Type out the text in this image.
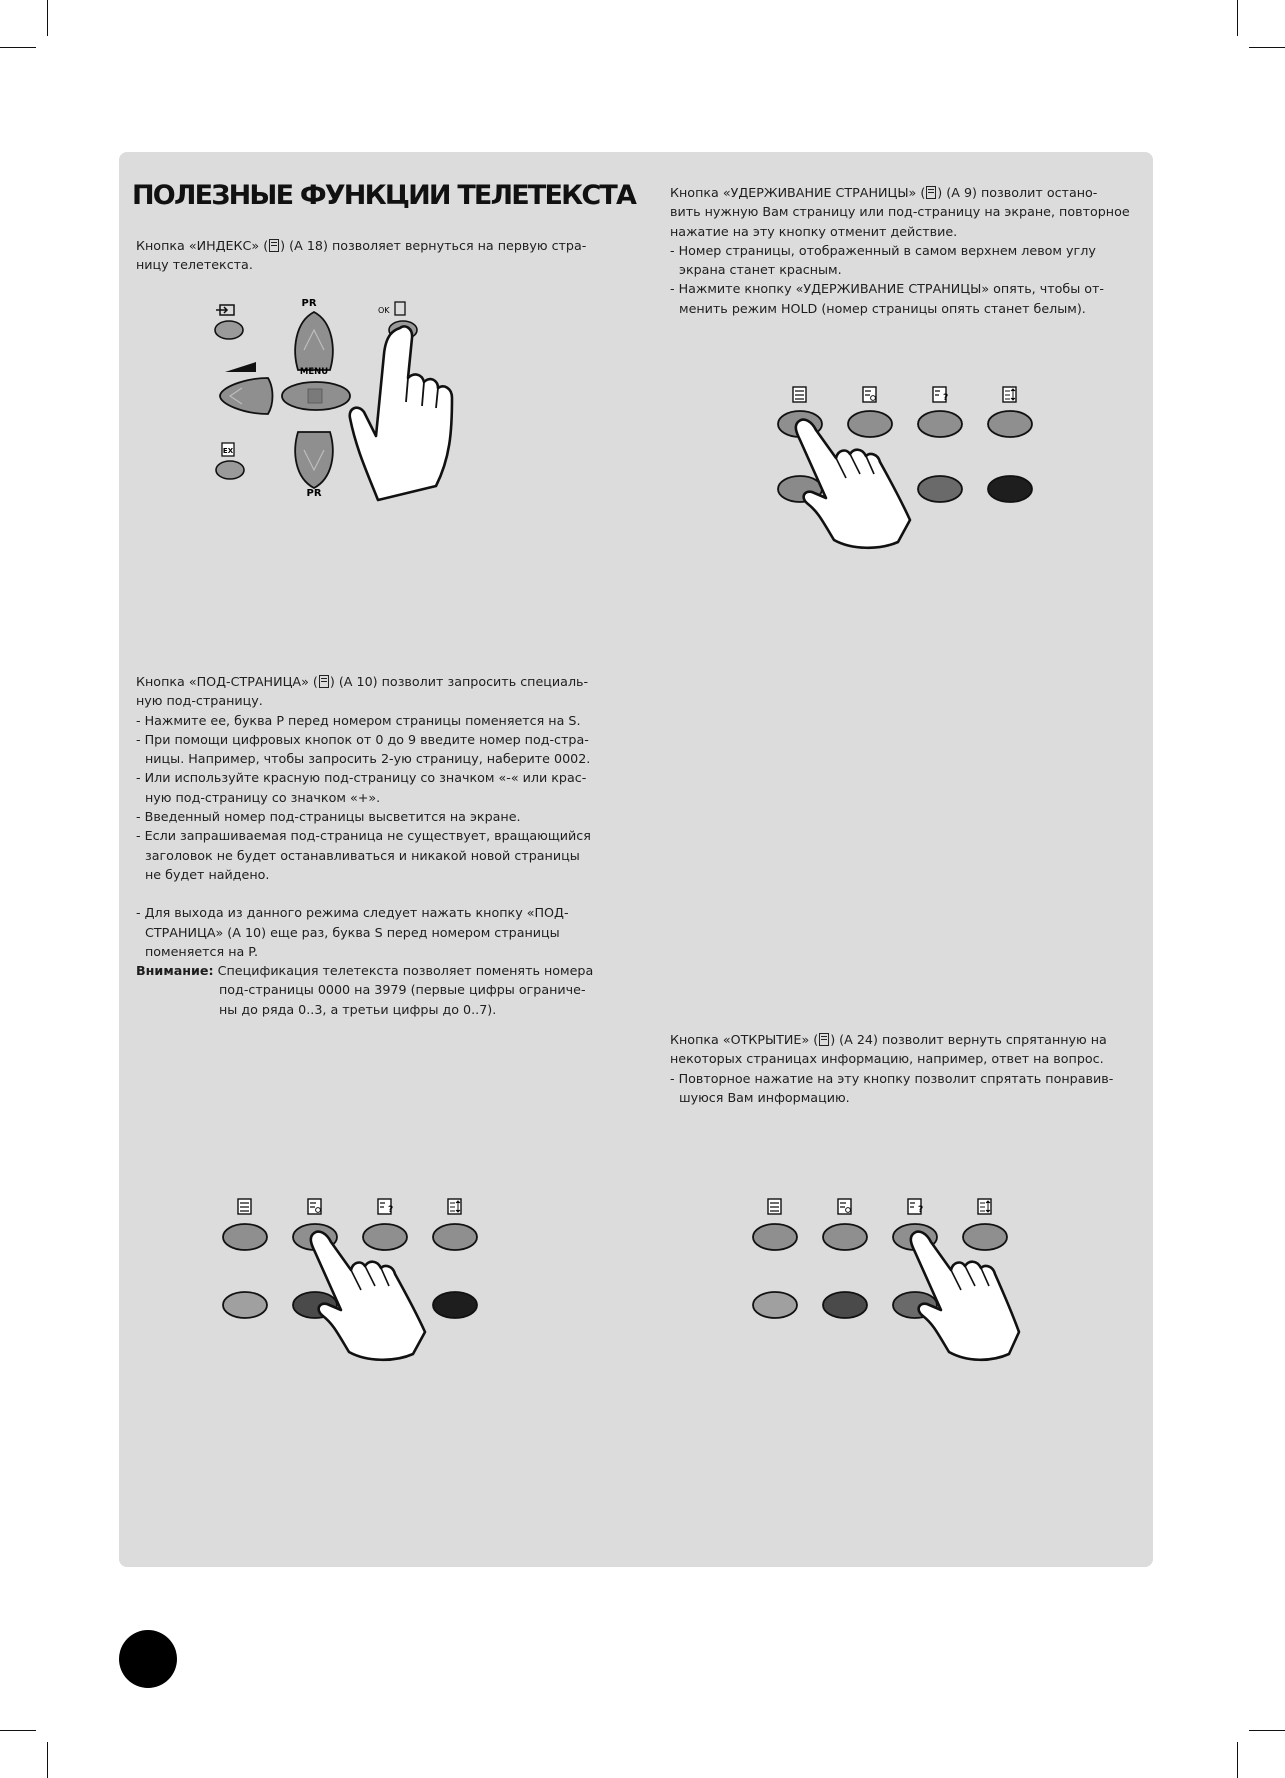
ПОЛЕЗНЫЕ ФУНКЦИИ ТЕЛЕТЕКСТА

Кнопка «ИНДЕКС» ( ) (А 18) позволяет вернуться на первую стра-

ницу телетекста.

PR
MENU
OK
EX
PR

Кнопка «УДЕРЖИВАНИЕ СТРАНИЦЫ» ( ) (А 9) позволит остано-

вить нужную Вам страницу или под-страницу на экране, повторное

нажатие на эту кнопку отменит действие.

- Номер страницы, отображенный в самом верхнем левом углу

экрана станет красным.

- Нажмите кнопку «УДЕРЖИВАНИЕ СТРАНИЦЫ» опять, чтобы от-

менить режим HOLD (номер страницы опять станет белым).

?

Кнопка «ПОД-СТРАНИЦА» ( ) (А 10) позволит запросить специаль-

ную под-страницу.

- Нажмите ее, буква P перед номером страницы поменяется на S.

- При помощи цифровых кнопок от 0 до 9 введите номер под-стра-

ницы. Например, чтобы запросить 2-ую страницу, наберите 0002.

- Или используйте красную под-страницу со значком «-« или крас-

ную под-страницу со значком «+».

- Введенный номер под-страницы высветится на экране.

- Если запрашиваемая под-страница не существует, вращающийся

заголовок не будет останавливаться и никакой новой страницы

не будет найдено.

- Для выхода из данного режима следует нажать кнопку «ПОД-

СТРАНИЦА» (А 10) еще раз, буква S перед номером страницы

поменяется на P.

Внимание: Спецификация телетекста позволяет поменять номера

под-страницы 0000 на 3979 (первые цифры ограниче-

ны до ряда 0..3, а третьи цифры до 0..7).

Кнопка «ОТКРЫТИЕ» ( ) (А 24) позволит вернуть спрятанную на

некоторых страницах информацию, например, ответ на вопрос.

- Повторное нажатие на эту кнопку позволит спрятать понравив-

шуюся Вам информацию.

?	?
